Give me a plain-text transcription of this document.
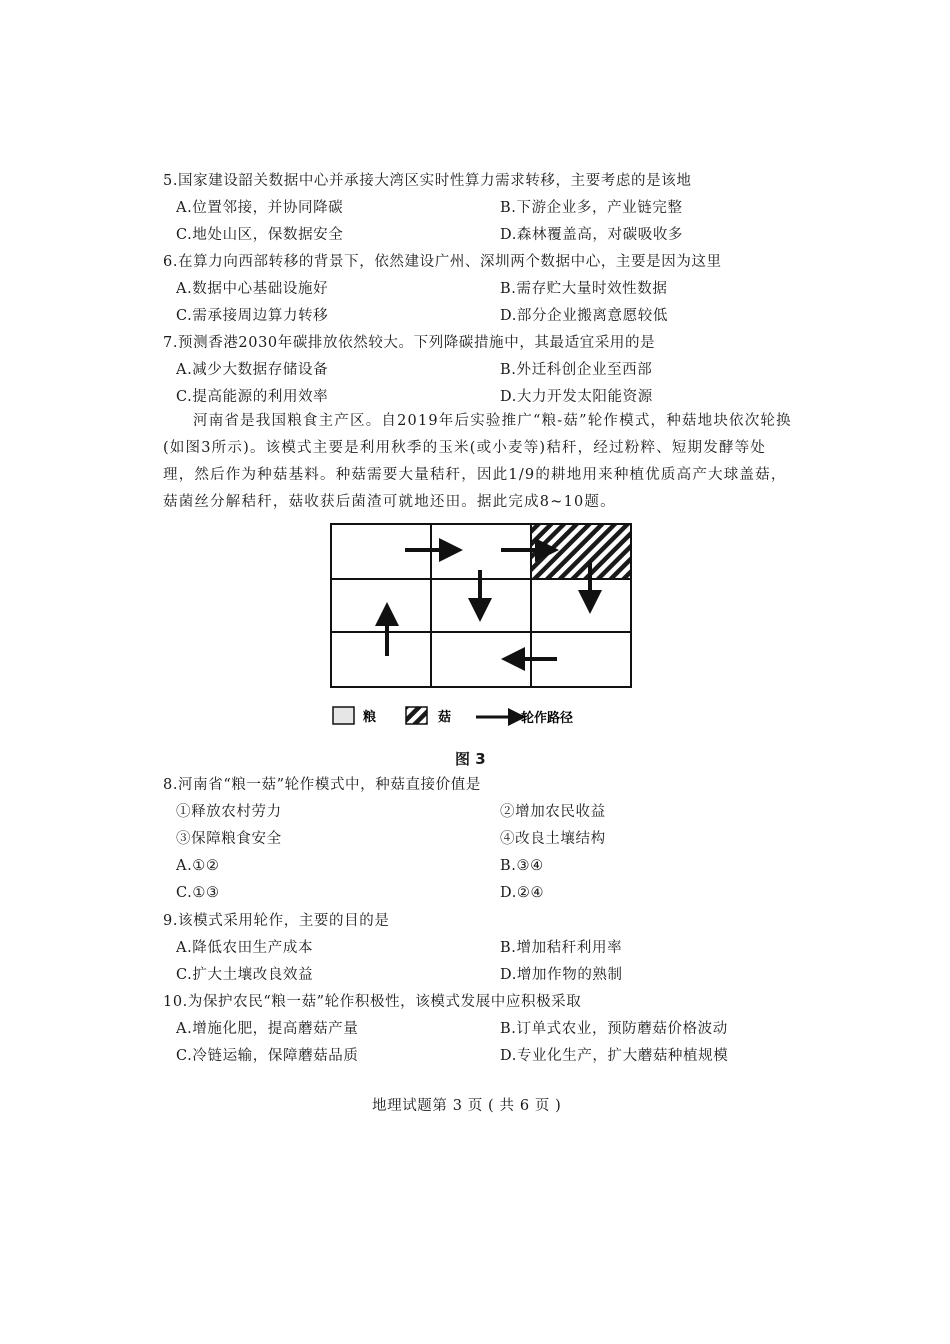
5.国家建设韶关数据中心并承接大湾区实时性算力需求转移，主要考虑的是该地
A.位置邻接，并协同降碳	B.下游企业多，产业链完整
C.地处山区，保数据安全	D.森林覆盖高，对碳吸收多
6.在算力向西部转移的背景下，依然建设广州、深圳两个数据中心，主要是因为这里
A.数据中心基础设施好	B.需存贮大量时效性数据
C.需承接周边算力转移	D.部分企业搬离意愿较低
7.预测香港2030年碳排放依然较大。下列降碳措施中，其最适宜采用的是
A.减少大数据存储设备	B.外迁科创企业至西部
C.提高能源的利用效率	D.大力开发太阳能资源
河南省是我国粮食主产区。自2019年后实验推广“粮-菇”轮作模式，种菇地块依次轮换(如图3所示)。该模式主要是利用秋季的玉米(或小麦等)秸秆，经过粉粹、短期发酵等处理，然后作为种菇基料。种菇需要大量秸秆，因此1/9的耕地用来种植优质高产大球盖菇，菇菌丝分解秸秆，菇收获后菌渣可就地还田。据此完成8~10题。
粮	菇	轮作路径
图 3
8.河南省“粮一菇”轮作模式中，种菇直接价值是
①释放农村劳力	②增加农民收益
③保障粮食安全	④改良土壤结构
A.①②	B.③④
C.①③	D.②④
9.该模式采用轮作，主要的目的是
A.降低农田生产成本	B.增加秸秆利用率
C.扩大土壤改良效益	D.增加作物的熟制
10.为保护农民“粮一菇”轮作积极性，该模式发展中应积极采取
A.增施化肥，提高蘑菇产量	B.订单式农业，预防蘑菇价格波动
C.冷链运输，保障蘑菇品质	D.专业化生产，扩大蘑菇种植规模
地理试题第 3 页 ( 共 6 页 )
